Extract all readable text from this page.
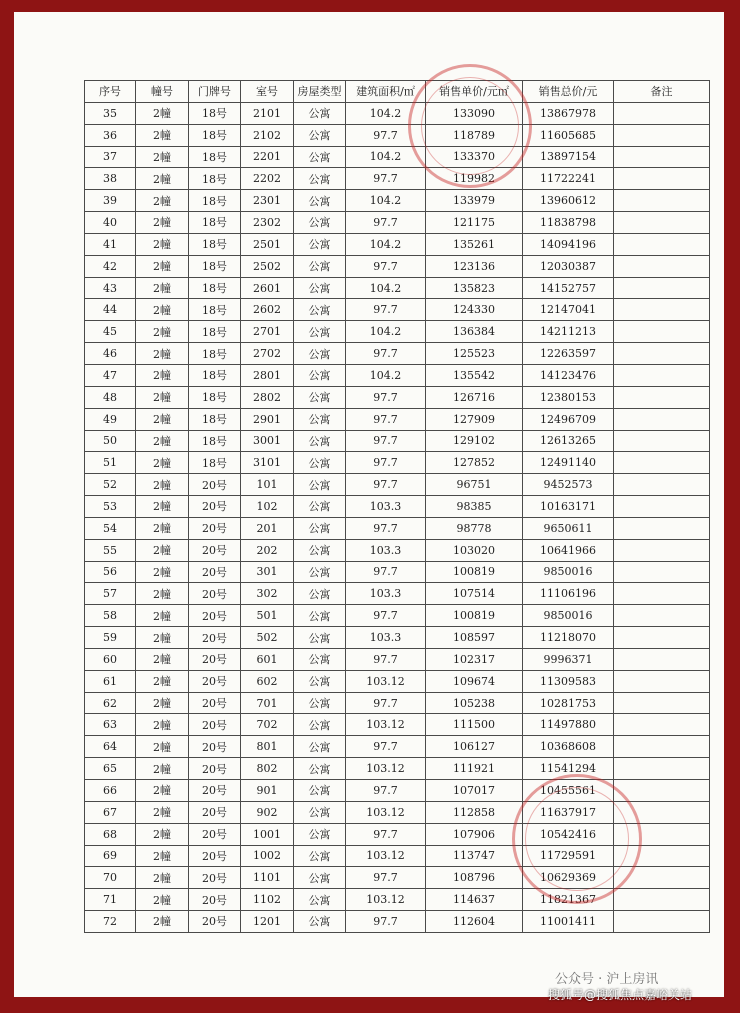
序号	幢号	门牌号	室号	房屋类型	建筑面积/㎡	销售单价/元㎡	销售总价/元	备注
35	2幢	18号	2101	公寓	104.2	133090	13867978	
36	2幢	18号	2102	公寓	97.7	118789	11605685	
37	2幢	18号	2201	公寓	104.2	133370	13897154	
38	2幢	18号	2202	公寓	97.7	119982	11722241	
39	2幢	18号	2301	公寓	104.2	133979	13960612	
40	2幢	18号	2302	公寓	97.7	121175	11838798	
41	2幢	18号	2501	公寓	104.2	135261	14094196	
42	2幢	18号	2502	公寓	97.7	123136	12030387	
43	2幢	18号	2601	公寓	104.2	135823	14152757	
44	2幢	18号	2602	公寓	97.7	124330	12147041	
45	2幢	18号	2701	公寓	104.2	136384	14211213	
46	2幢	18号	2702	公寓	97.7	125523	12263597	
47	2幢	18号	2801	公寓	104.2	135542	14123476	
48	2幢	18号	2802	公寓	97.7	126716	12380153	
49	2幢	18号	2901	公寓	97.7	127909	12496709	
50	2幢	18号	3001	公寓	97.7	129102	12613265	
51	2幢	18号	3101	公寓	97.7	127852	12491140	
52	2幢	20号	101	公寓	97.7	96751	9452573	
53	2幢	20号	102	公寓	103.3	98385	10163171	
54	2幢	20号	201	公寓	97.7	98778	9650611	
55	2幢	20号	202	公寓	103.3	103020	10641966	
56	2幢	20号	301	公寓	97.7	100819	9850016	
57	2幢	20号	302	公寓	103.3	107514	11106196	
58	2幢	20号	501	公寓	97.7	100819	9850016	
59	2幢	20号	502	公寓	103.3	108597	11218070	
60	2幢	20号	601	公寓	97.7	102317	9996371	
61	2幢	20号	602	公寓	103.12	109674	11309583	
62	2幢	20号	701	公寓	97.7	105238	10281753	
63	2幢	20号	702	公寓	103.12	111500	11497880	
64	2幢	20号	801	公寓	97.7	106127	10368608	
65	2幢	20号	802	公寓	103.12	111921	11541294	
66	2幢	20号	901	公寓	97.7	107017	10455561	
67	2幢	20号	902	公寓	103.12	112858	11637917	
68	2幢	20号	1001	公寓	97.7	107906	10542416	
69	2幢	20号	1002	公寓	103.12	113747	11729591	
70	2幢	20号	1101	公寓	97.7	108796	10629369	
71	2幢	20号	1102	公寓	103.12	114637	11821367	
72	2幢	20号	1201	公寓	97.7	112604	11001411	
公众号 · 沪上房讯
搜狐号@搜狐焦点嘉峪关站
